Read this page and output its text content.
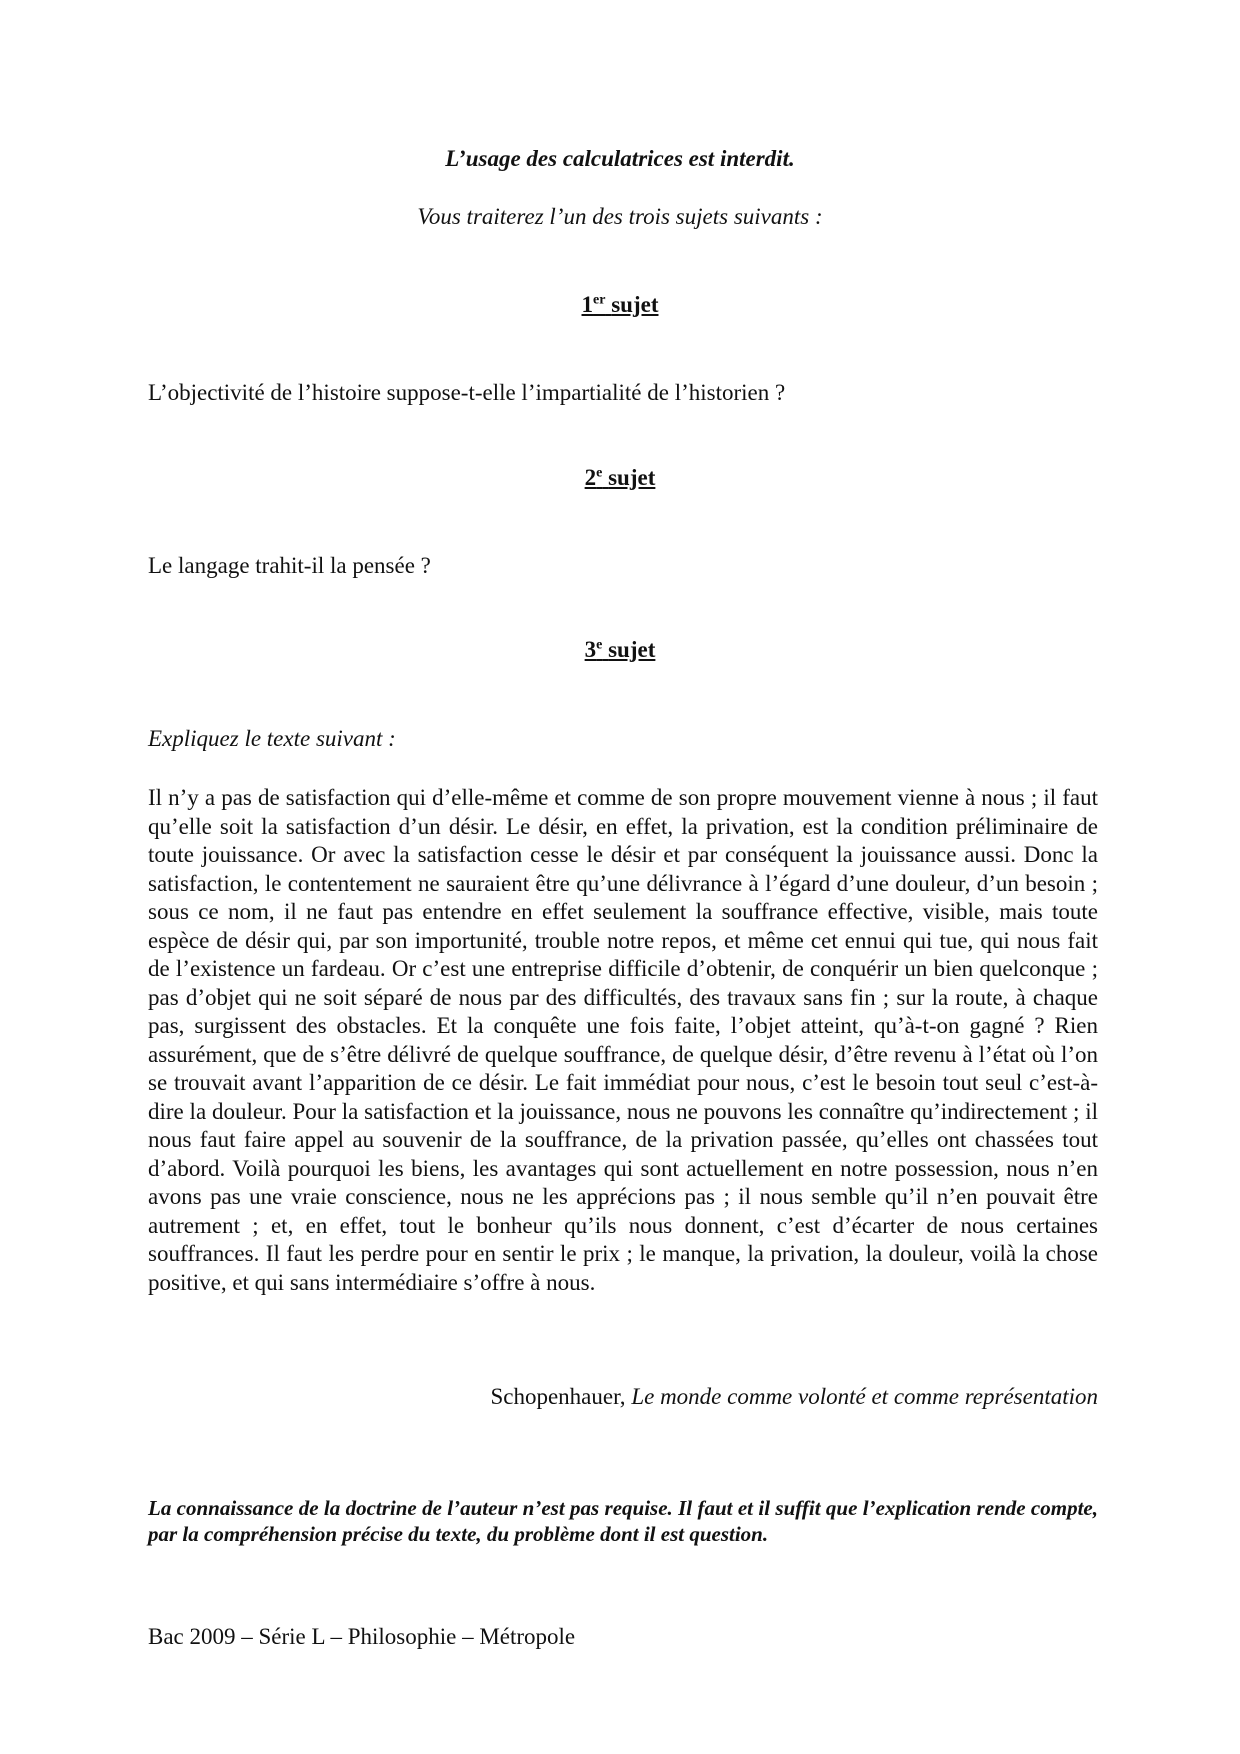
L’usage des calculatrices est interdit.
Vous traiterez l’un des trois sujets suivants :
1er sujet
L’objectivité de l’histoire suppose-t-elle l’impartialité de l’historien ?
2e sujet
Le langage trahit-il la pensée ?
3e sujet
Expliquez le texte suivant :
Il n’y a pas de satisfaction qui d’elle-même et comme de son propre mouvement vienne à nous ; il faut qu’elle soit la satisfaction d’un désir. Le désir, en effet, la privation, est la condition préliminaire de toute jouissance. Or avec la satisfaction cesse le désir et par conséquent la jouissance aussi. Donc la satisfaction, le contentement ne sauraient être qu’une délivrance à l’égard d’une douleur, d’un besoin ; sous ce nom, il ne faut pas entendre en effet seulement la souffrance effective, visible, mais toute espèce de désir qui, par son importunité, trouble notre repos, et même cet ennui qui tue, qui nous fait de l’existence un fardeau. Or c’est une entreprise difficile d’obtenir, de conquérir un bien quelconque ; pas d’objet qui ne soit séparé de nous par des difficultés, des travaux sans fin ; sur la route, à chaque pas, surgissent des obstacles. Et la conquête une fois faite, l’objet atteint, qu’à-t-on gagné ? Rien assurément, que de s’être délivré de quelque souffrance, de quelque désir, d’être revenu à l’état où l’on se trouvait avant l’apparition de ce désir. Le fait immédiat pour nous, c’est le besoin tout seul c’est-à-dire la douleur. Pour la satisfaction et la jouissance, nous ne pouvons les connaître qu’indirectement ; il nous faut faire appel au souvenir de la souffrance, de la privation passée, qu’elles ont chassées tout d’abord. Voilà pourquoi les biens, les avantages qui sont actuellement en notre possession, nous n’en avons pas une vraie conscience, nous ne les apprécions pas ; il nous semble qu’il n’en pouvait être autrement ; et, en effet, tout le bonheur qu’ils nous donnent, c’est d’écarter de nous certaines souffrances. Il faut les perdre pour en sentir le prix ; le manque, la privation, la douleur, voilà la chose positive, et qui sans intermédiaire s’offre à nous.
Schopenhauer, Le monde comme volonté et comme représentation
La connaissance de la doctrine de l’auteur n’est pas requise. Il faut et il suffit que l’explication rende compte, par la compréhension précise du texte, du problème dont il est question.
Bac 2009 – Série L – Philosophie – Métropole
